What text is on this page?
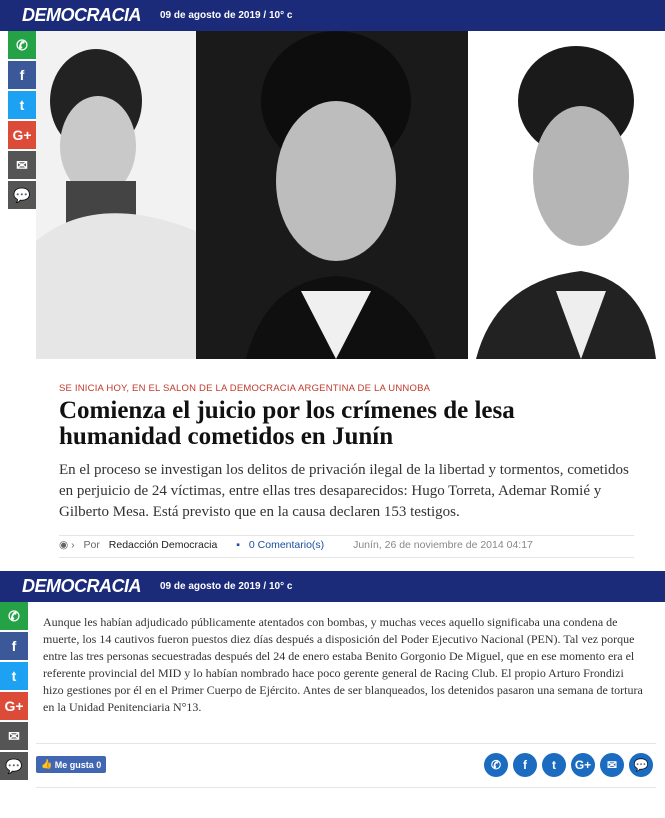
DEMOCRACIA 09 de agosto de 2019 / 10° c
✆
f
t
G+
✉
💬
SE INICIA HOY, EN EL SALON DE LA DEMOCRACIA ARGENTINA DE LA UNNOBA
Comienza el juicio por los crímenes de lesa humanidad cometidos en Junín

En el proceso se investigan los delitos de privación ilegal de la libertad y tormentos, cometidos en perjuicio de 24 víctimas, entre ellas tres desaparecidos: Hugo Torreta, Ademar Romié y Gilberto Mesa. Está previsto que en la causa declaren 153 testigos.

◉ › Por Redacción Democracia ▪ 0 Comentario(s)	Junín, 26 de noviembre de 2014 04:17
DEMOCRACIA 09 de agosto de 2019 / 10° c
✆
f
t
G+
✉
💬

Aunque les habían adjudicado públicamente atentados con bombas, y muchas veces aquello significaba una condena de muerte, los 14 cautivos fueron puestos diez días después a disposición del Poder Ejecutivo Nacional (PEN). Tal vez porque entre las tres personas secuestradas después del 24 de enero estaba Benito Gorgonio De Miguel, que en ese momento era el referente provincial del MID y lo habían nombrado hace poco gerente general de Racing Club. El propio Arturo Frondizi hizo gestiones por él en el Primer Cuerpo de Ejército. Antes de ser blanqueados, los detenidos pasaron una semana de tortura en la Unidad Penitenciaria N°13.

👍 Me gusta 0	✆	f	t	G+	✉	💬
